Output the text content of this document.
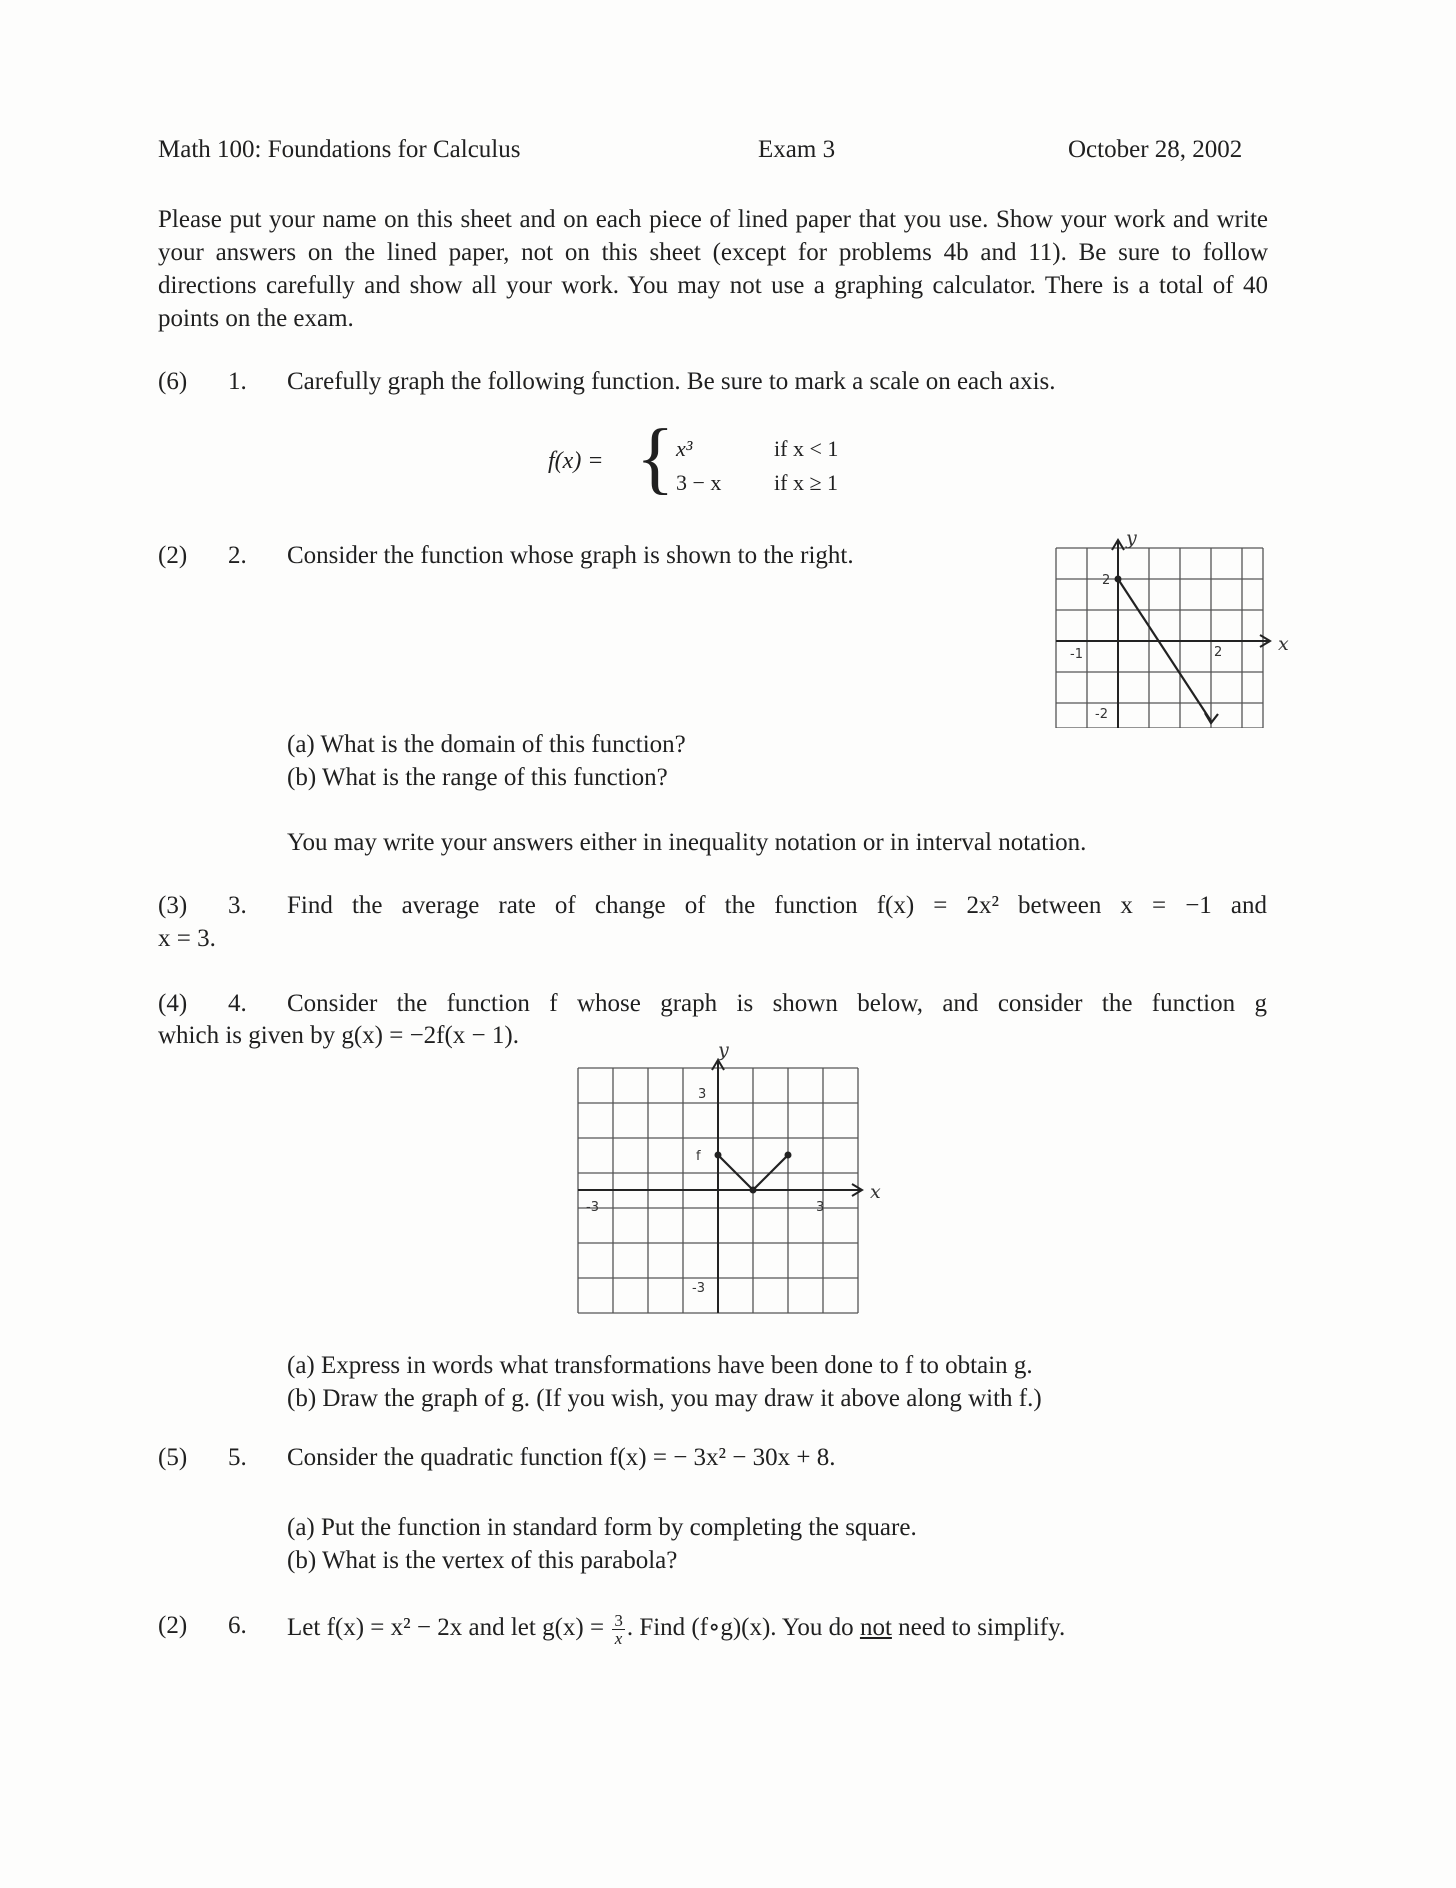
Math 100: Foundations for Calculus	Exam 3	October 28, 2002
Please put your name on this sheet and on each piece of lined paper that you use. Show your work and write your answers on the lined paper, not on this sheet (except for problems 4b and 11). Be sure to follow directions carefully and show all your work. You may not use a graphing calculator. There is a total of 40 points on the exam.
(6) 1. Carefully graph the following function. Be sure to mark a scale on each axis.
f(x) = { x³	if x < 1
3 − x if x ≥ 1
(2) 2. Consider the function whose graph is shown to the right.
y
x
2
-1	2
-2
(a) What is the domain of this function?
(b) What is the range of this function?
You may write your answers either in inequality notation or in interval notation.
(3) 3. Find the average rate of change of the function f(x) = 2x² between x = −1 and
x = 3.
(4) 4. Consider the function f whose graph is shown below, and consider the function g
which is given by g(x) = −2f(x − 1).
y
x
3
f
-3	3
-3
(a) Express in words what transformations have been done to f to obtain g.
(b) Draw the graph of g. (If you wish, you may draw it above along with f.)
(5) 5. Consider the quadratic function f(x) = − 3x² − 30x + 8.
(a) Put the function in standard form by completing the square.
(b) What is the vertex of this parabola?
(2) 6. Let f(x) = x² − 2x and let $g(x) = \frac{3}{x}$ . Find (f∘g)(x). You do not need to simplify.
